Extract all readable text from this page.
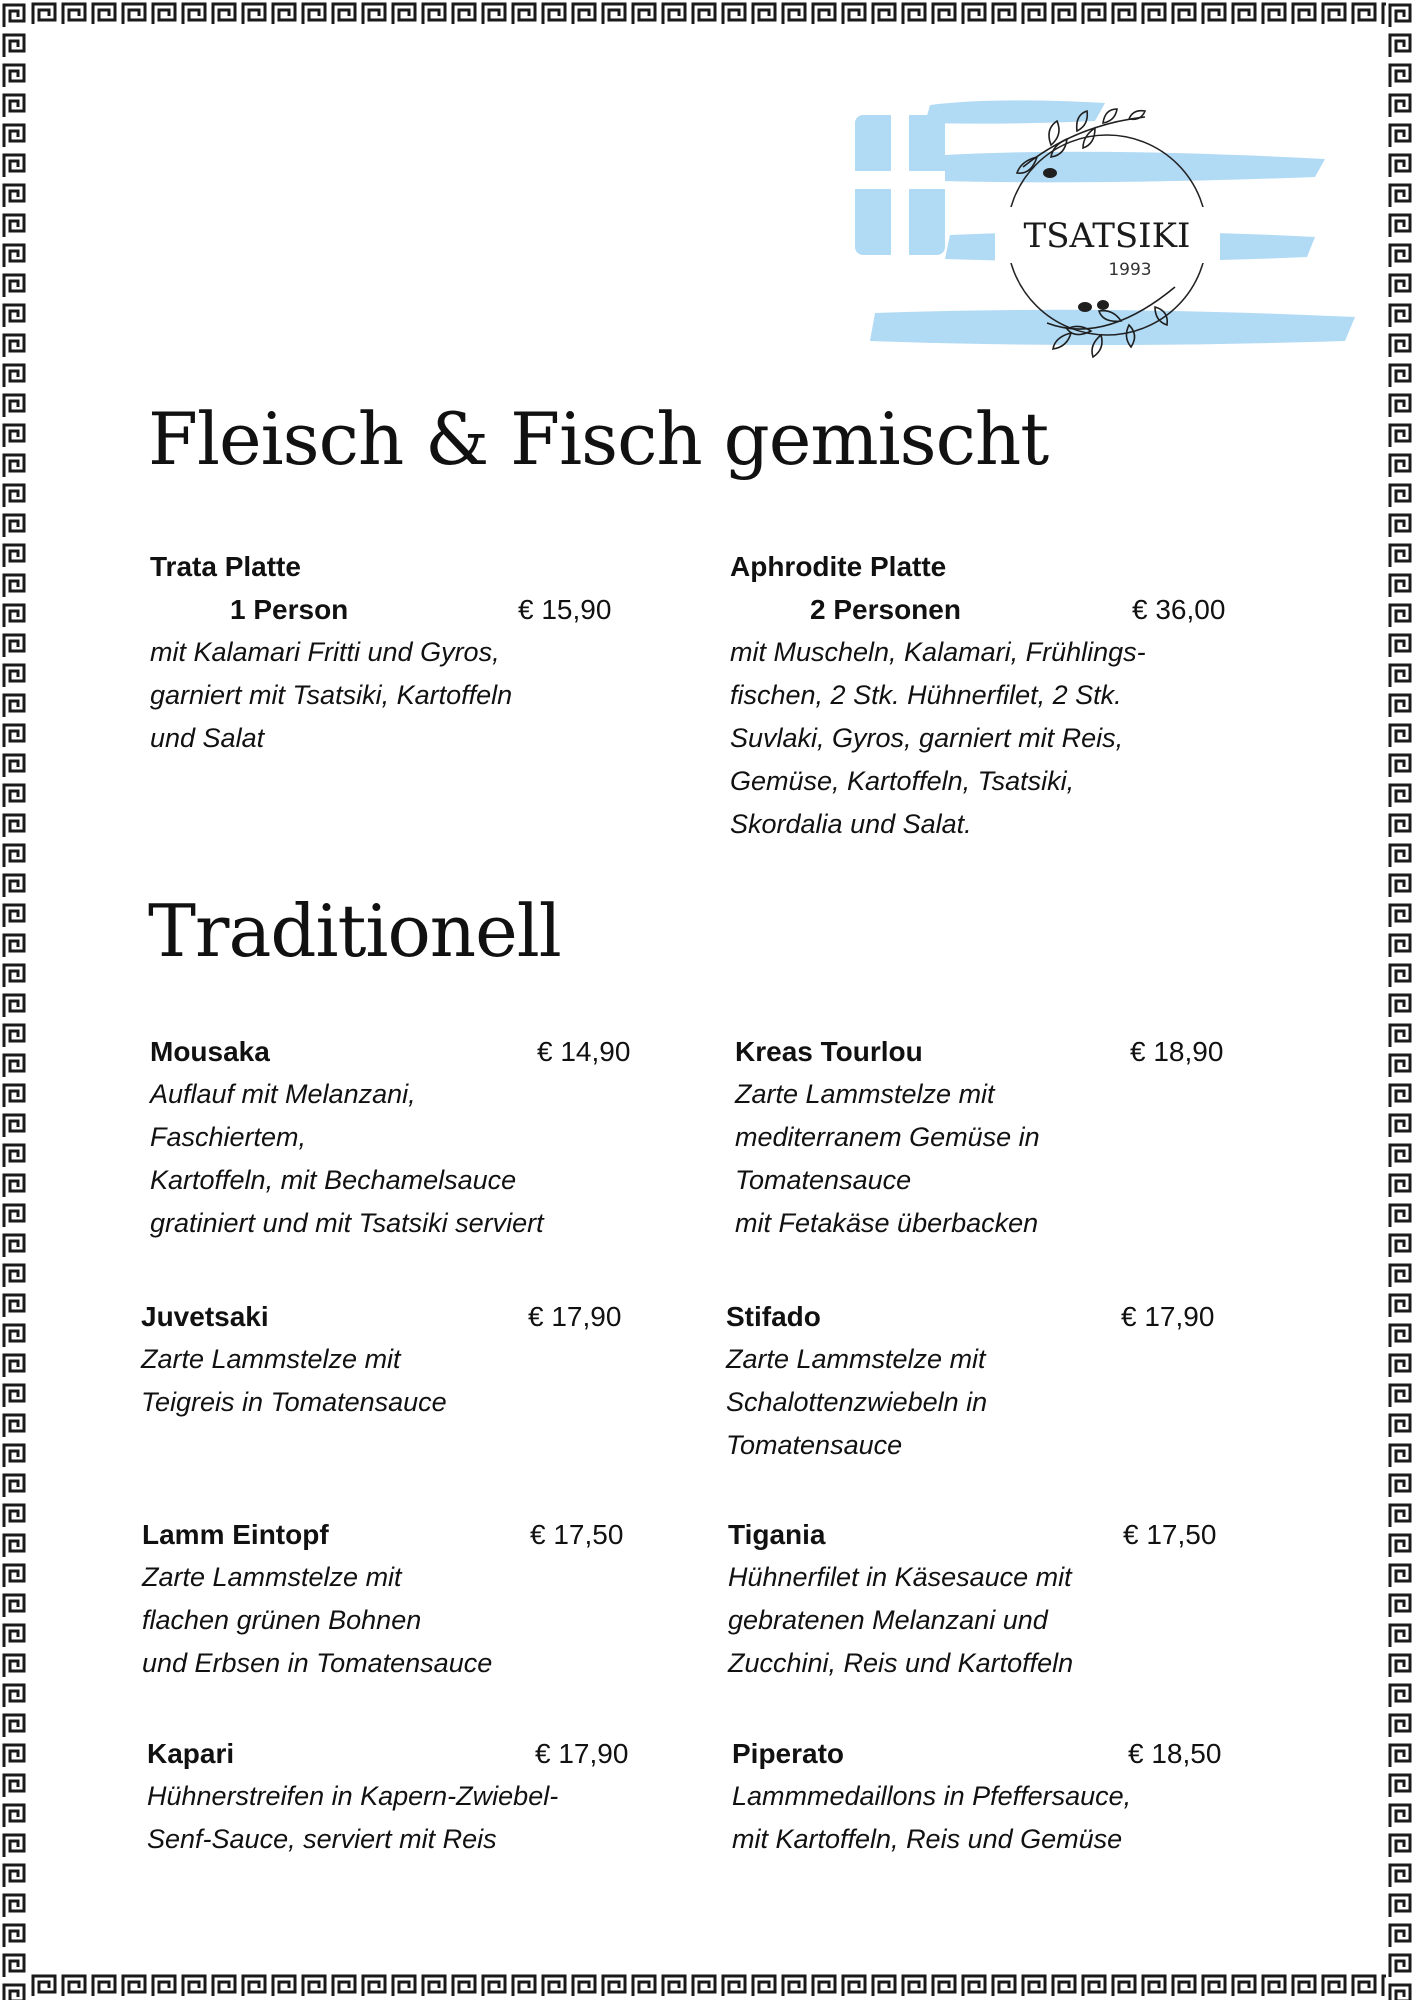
TSATSIKI
1993
Fleisch & Fisch gemischt
Trata Platte
1 Person	€ 15,90

mit Kalamari Fritti und Gyros,
garniert mit Tsatsiki, Kartoffeln
und Salat

Aphrodite Platte
2 Personen	€ 36,00

mit Muscheln, Kalamari, Frühlings-
fischen, 2 Stk. Hühnerfilet, 2 Stk.
Suvlaki, Gyros, garniert mit Reis,
Gemüse, Kartoffeln, Tsatsiki,
Skordalia und Salat.

Traditionell
Mousaka	€ 14,90

Auflauf mit Melanzani,
Faschiertem,
Kartoffeln, mit Bechamelsauce
gratiniert und mit Tsatsiki serviert

Kreas Tourlou	€ 18,90

Zarte Lammstelze mit
mediterranem Gemüse in
Tomatensauce
mit Fetakäse überbacken

Juvetsaki	€ 17,90

Zarte Lammstelze mit
Teigreis in Tomatensauce

Stifado	€ 17,90

Zarte Lammstelze mit
Schalottenzwiebeln in
Tomatensauce

Lamm Eintopf	€ 17,50

Zarte Lammstelze mit
flachen grünen Bohnen
und Erbsen in Tomatensauce

Tigania	€ 17,50

Hühnerfilet in Käsesauce mit
gebratenen Melanzani und
Zucchini, Reis und Kartoffeln

Kapari	€ 17,90

Hühnerstreifen in Kapern-Zwiebel-
Senf-Sauce, serviert mit Reis

Piperato	€ 18,50

Lammmedaillons in Pfeffersauce,
mit Kartoffeln, Reis und Gemüse
